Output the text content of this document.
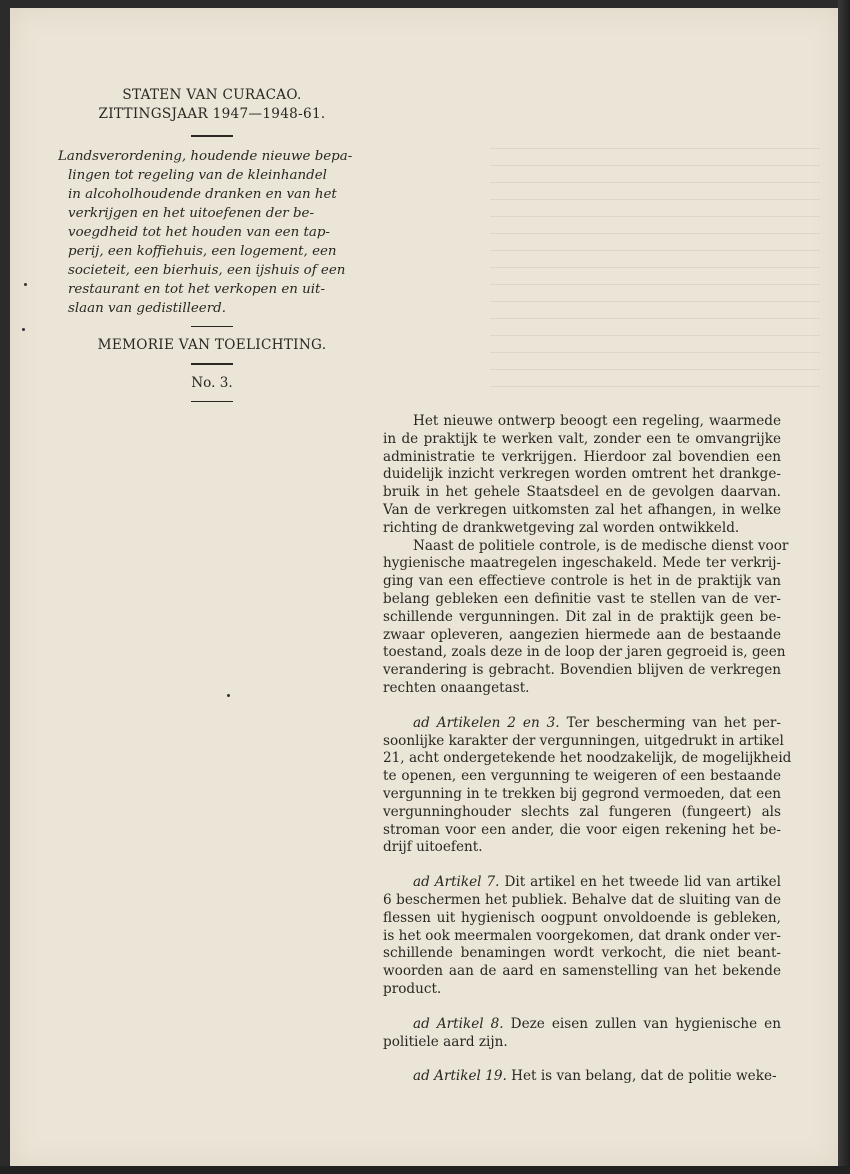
STATEN VAN CURACAO.
ZITTINGSJAAR 1947—1948-61.
Landsverordening, houdende nieuwe bepa-
lingen tot regeling van de kleinhandel
in alcoholhoudende dranken en van het
verkrijgen en het uitoefenen der be-
voegdheid tot het houden van een tap-
perij, een koffiehuis, een logement, een
societeit, een bierhuis, een ijshuis of een
restaurant en tot het verkopen en uit-
slaan van gedistilleerd.
MEMORIE VAN TOELICHTING.
No. 3.
Het nieuwe ontwerp beoogt een regeling, waarmede
in de praktijk te werken valt, zonder een te omvangrijke
administratie te verkrijgen. Hierdoor zal bovendien een
duidelijk inzicht verkregen worden omtrent het drankge-
bruik in het gehele Staatsdeel en de gevolgen daarvan.
Van de verkregen uitkomsten zal het afhangen, in welke
richting de drankwetgeving zal worden ontwikkeld.
Naast de politiele controle, is de medische dienst voor
hygienische maatregelen ingeschakeld. Mede ter verkrij-
ging van een effectieve controle is het in de praktijk van
belang gebleken een definitie vast te stellen van de ver-
schillende vergunningen. Dit zal in de praktijk geen be-
zwaar opleveren, aangezien hiermede aan de bestaande
toestand, zoals deze in de loop der jaren gegroeid is, geen
verandering is gebracht. Bovendien blijven de verkregen
rechten onaangetast.
ad Artikelen 2 en 3. Ter bescherming van het per-
soonlijke karakter der vergunningen, uitgedrukt in artikel
21, acht ondergetekende het noodzakelijk, de mogelijkheid
te openen, een vergunning te weigeren of een bestaande
vergunning in te trekken bij gegrond vermoeden, dat een
vergunninghouder slechts zal fungeren (fungeert) als
stroman voor een ander, die voor eigen rekening het be-
drijf uitoefent.
ad Artikel 7. Dit artikel en het tweede lid van artikel
6 beschermen het publiek. Behalve dat de sluiting van de
flessen uit hygienisch oogpunt onvoldoende is gebleken,
is het ook meermalen voorgekomen, dat drank onder ver-
schillende benamingen wordt verkocht, die niet beant-
woorden aan de aard en samenstelling van het bekende
product.
ad Artikel 8. Deze eisen zullen van hygienische en
politiele aard zijn.
ad Artikel 19. Het is van belang, dat de politie weke-
